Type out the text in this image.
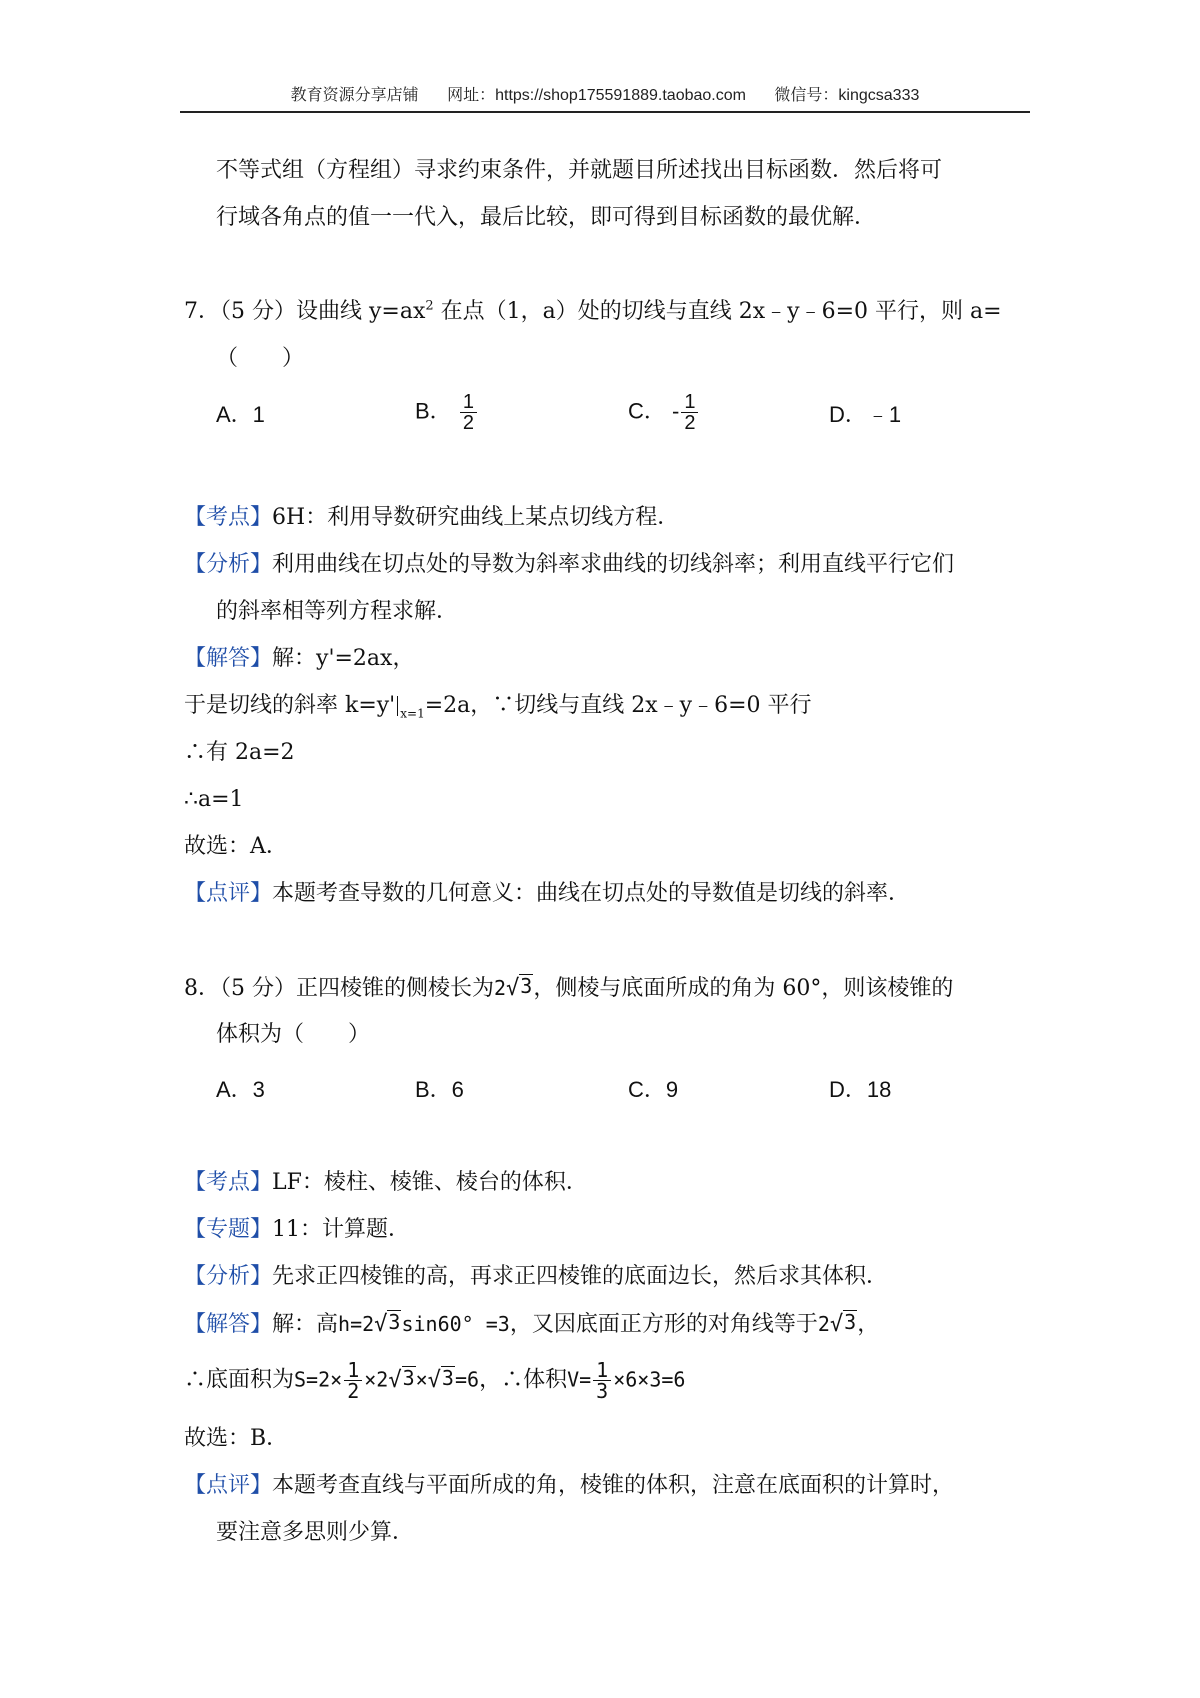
教育资源分享店铺 网址：https://shop175591889.taobao.com 微信号：kingcsa333
不等式组（方程组）寻求约束条件，并就题目所述找出目标函数．然后将可
行域各角点的值一一代入，最后比较，即可得到目标函数的最优解．
7．（5 分）设曲线 $y=ax^2$ 在点（1，a）处的切线与直线 2x﹣y﹣6=0 平行，则 a=
（　　）
A．1	B． $\frac{1}{2}$	C． - $\frac{1}{2}$	D．﹣1
【考点】6H：利用导数研究曲线上某点切线方程．
【分析】利用曲线在切点处的导数为斜率求曲线的切线斜率；利用直线平行它们
的斜率相等列方程求解．
【解答】解：y'=2ax，
于是切线的斜率 k=y' $_{x=1}$=2a，∵切线与直线 2x﹣y﹣6=0 平行
∴有 2a=2
∴a=1
故选：A．
【点评】本题考查导数的几何意义：曲线在切点处的导数值是切线的斜率．
8．（5 分）正四棱锥的侧棱长为2 √ 3 ，侧棱与底面所成的角为 60°，则该棱锥的
体积为（　　）
A．3	B．6	C．9	D．18
【考点】LF：棱柱、棱锥、棱台的体积．
【专题】11：计算题．
【分析】先求正四棱锥的高，再求正四棱锥的底面边长，然后求其体积．
【解答】解：高h=2 √ 3 sin60° =3，又因底面正方形的对角线等于2 √ 3 ，
∴底面积为$S=2\times \frac{1}{2} \times 2$ √ 3 × √ 3 =6，∴体积$V= \frac{1}{3} \times 6\times 3=6$
故选：B．
【点评】本题考查直线与平面所成的角，棱锥的体积，注意在底面积的计算时，
要注意多思则少算．
